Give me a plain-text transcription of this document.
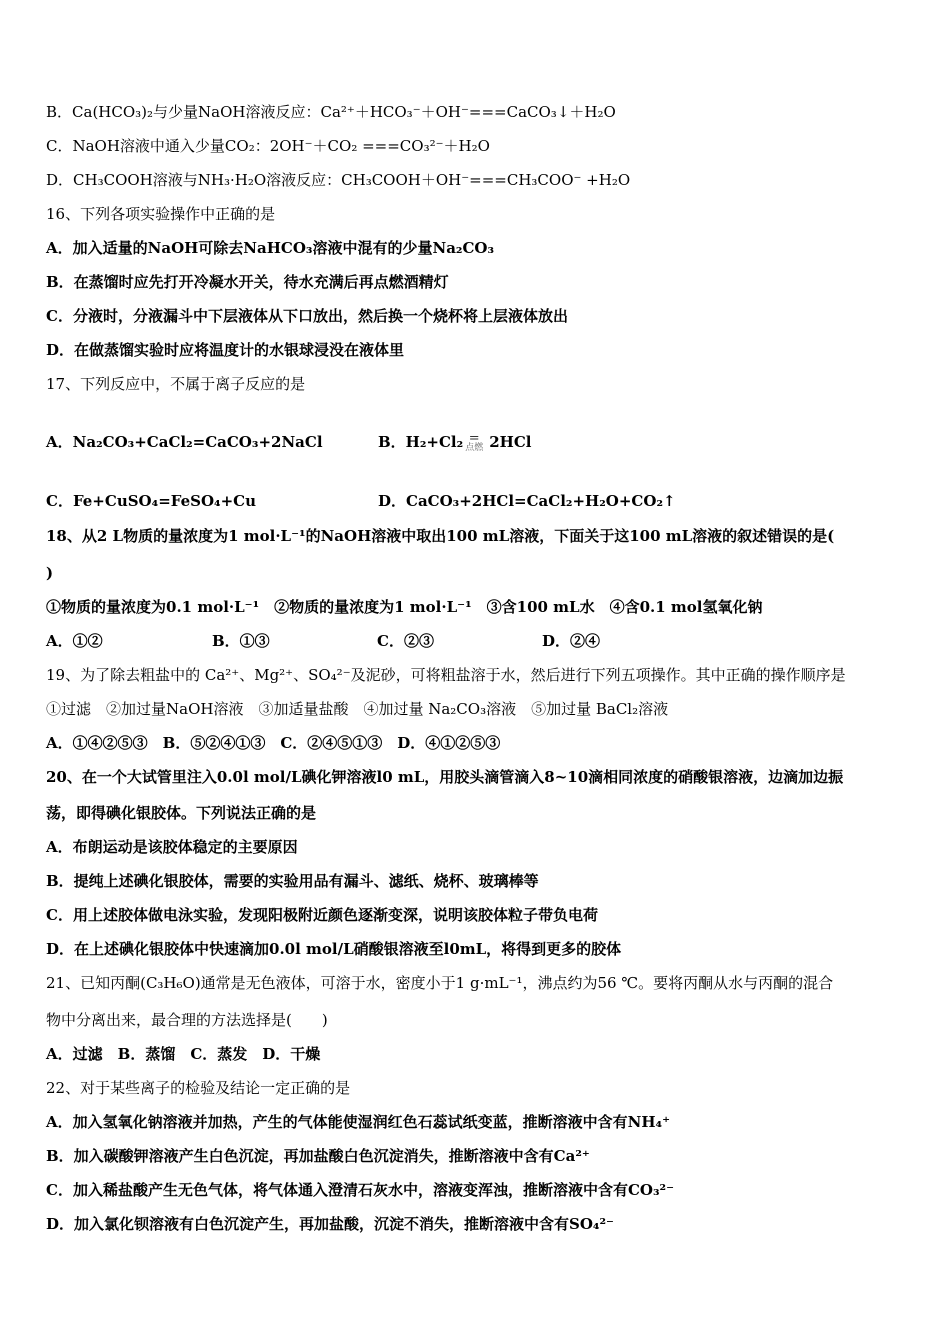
B．Ca(HCO₃)₂与少量NaOH溶液反应：Ca²⁺＋HCO₃⁻＋OH⁻===CaCO₃↓＋H₂O
C．NaOH溶液中通入少量CO₂：2OH⁻＋CO₂ ===CO₃²⁻＋H₂O
D．CH₃COOH溶液与NH₃·H₂O溶液反应：CH₃COOH＋OH⁻===CH₃COO⁻ +H₂O
16、下列各项实验操作中正确的是
A．加入适量的NaOH可除去NaHCO₃溶液中混有的少量Na₂CO₃
B．在蒸馏时应先打开冷凝水开关，待水充满后再点燃酒精灯
C．分液时，分液漏斗中下层液体从下口放出，然后换一个烧杯将上层液体放出
D．在做蒸馏实验时应将温度计的水银球浸没在液体里
17、下列反应中，不属于离子反应的是
A．Na₂CO₃+CaCl₂=CaCO₃+2NaCl	B．H₂+Cl₂ =
点燃 2HCl
C．Fe+CuSO₄=FeSO₄+Cu	D．CaCO₃+2HCl=CaCl₂+H₂O+CO₂↑
18、从2 L物质的量浓度为1 mol·L⁻¹的NaOH溶液中取出100 mL溶液，下面关于这100 mL溶液的叙述错误的是(
)
①物质的量浓度为0.1 mol·L⁻¹　②物质的量浓度为1 mol·L⁻¹　③含100 mL水　④含0.1 mol氢氧化钠
A．①②	B．①③	C．②③	D．②④
19、为了除去粗盐中的 Ca²⁺、Mg²⁺、SO₄²⁻及泥砂，可将粗盐溶于水，然后进行下列五项操作。其中正确的操作顺序是
①过滤　②加过量NaOH溶液　③加适量盐酸　④加过量 Na₂CO₃溶液　⑤加过量 BaCl₂溶液
A．①④②⑤③　B．⑤②④①③　C．②④⑤①③　D．④①②⑤③
20、在一个大试管里注入0.0l mol/L碘化钾溶液l0 mL，用胶头滴管滴入8~10滴相同浓度的硝酸银溶液，边滴加边振
荡，即得碘化银胶体。下列说法正确的是
A．布朗运动是该胶体稳定的主要原因
B．提纯上述碘化银胶体，需要的实验用品有漏斗、滤纸、烧杯、玻璃棒等
C．用上述胶体做电泳实验，发现阳极附近颜色逐渐变深，说明该胶体粒子带负电荷
D．在上述碘化银胶体中快速滴加0.0l mol/L硝酸银溶液至l0mL，将得到更多的胶体
21、已知丙酮(C₃H₆O)通常是无色液体，可溶于水，密度小于1 g·mL⁻¹，沸点约为56 ℃。要将丙酮从水与丙酮的混合
物中分离出来，最合理的方法选择是(　　)
A．过滤　B．蒸馏　C．蒸发　D．干燥
22、对于某些离子的检验及结论一定正确的是
A．加入氢氧化钠溶液并加热，产生的气体能使湿润红色石蕊试纸变蓝，推断溶液中含有NH₄⁺
B．加入碳酸钾溶液产生白色沉淀，再加盐酸白色沉淀消失，推断溶液中含有Ca²⁺
C．加入稀盐酸产生无色气体，将气体通入澄清石灰水中，溶液变浑浊，推断溶液中含有CO₃²⁻
D．加入氯化钡溶液有白色沉淀产生，再加盐酸，沉淀不消失，推断溶液中含有SO₄²⁻
